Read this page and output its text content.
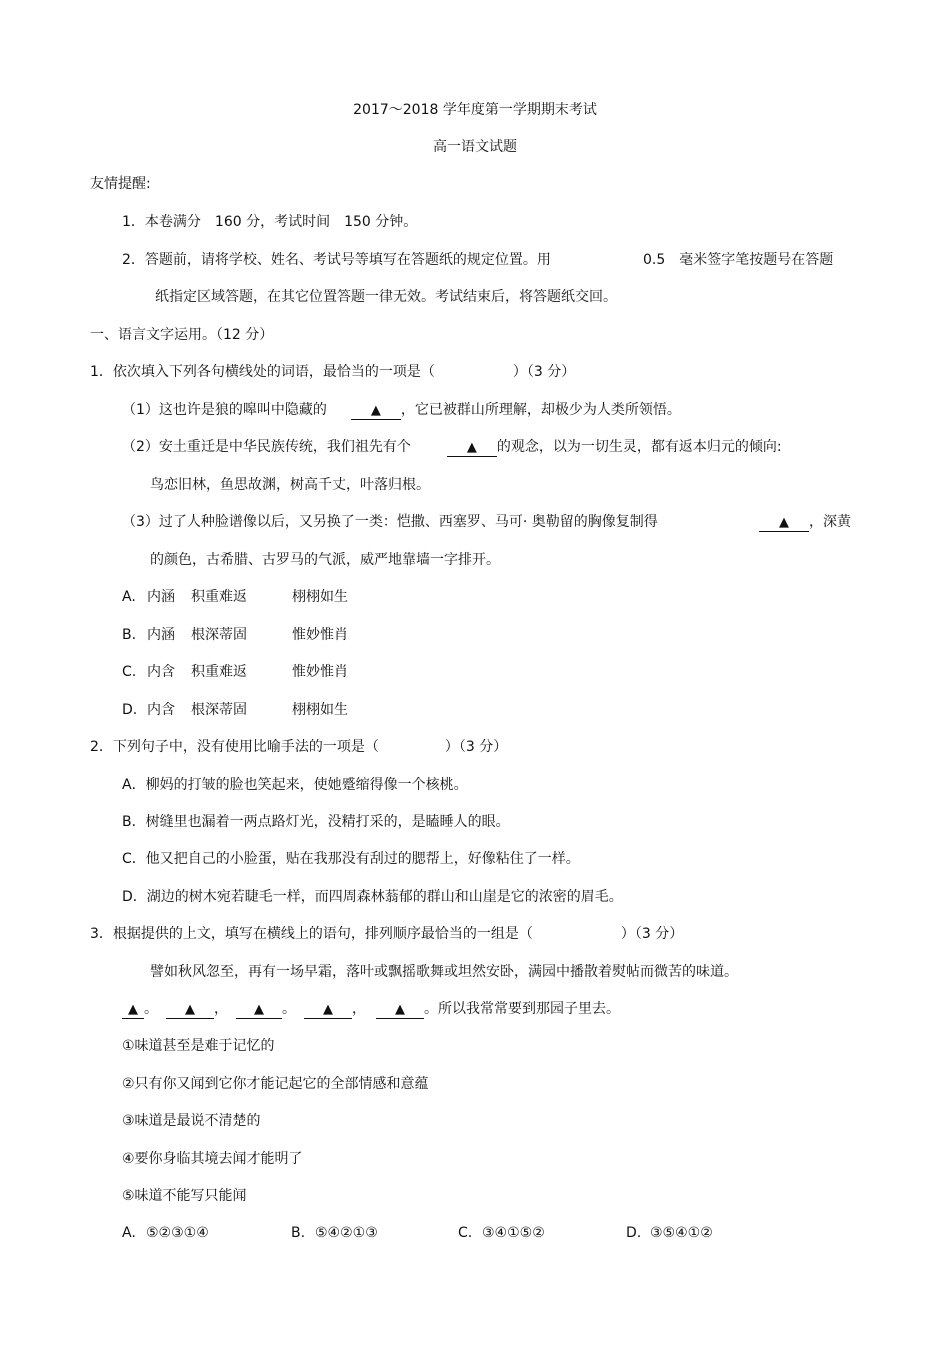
2017～2018 学年度第一学期期末考试
高一语文试题
友情提醒:
1．本卷满分　160 分，考试时间　150 分钟。
2．答题前，请将学校、姓名、考试号等填写在答题纸的规定位置。用	0.5　毫米签字笔按题号在答题
纸指定区域答题，在其它位置答题一律无效。考试结束后，将答题纸交回。
一、语言文字运用。（12 分）
1．依次填入下列各句横线处的词语，最恰当的一项是（	）（3 分）
（1）这也许是狼的嗥叫中隐藏的	▲ ，它已被群山所理解，却极少为人类所领悟。
（2）安土重迁是中华民族传统，我们祖先有个	▲ 的观念，以为一切生灵，都有返本归元的倾向:
鸟恋旧林，鱼思故渊，树高千丈，叶落归根。
（3）过了人种脸谱像以后，又另换了一类：恺撒、西塞罗、马可· 奥勒留的胸像复制得	▲ ，深黄
的颜色，古希腊、古罗马的气派，威严地靠墙一字排开。
A. 内涵 积重难返	栩栩如生
B. 内涵 根深蒂固	惟妙惟肖
C. 内含 积重难返	惟妙惟肖
D. 内含 根深蒂固	栩栩如生
2．下列句子中，没有使用比喻手法的一项是（	）（3 分）
A．柳妈的打皱的脸也笑起来，使她蹙缩得像一个核桃。
B．树缝里也漏着一两点路灯光，没精打采的，是瞌睡人的眼。
C．他又把自己的小脸蛋，贴在我那没有刮过的腮帮上，好像粘住了一样。
D．湖边的树木宛若睫毛一样，而四周森林蓊郁的群山和山崖是它的浓密的眉毛。
3．根据提供的上文，填写在横线上的语句，排列顺序最恰当的一组是（	）（3 分）
譬如秋风忽至，再有一场早霜，落叶或飘摇歌舞或坦然安卧，满园中播散着熨帖而微苦的味道。
▲ 。 ▲ ， ▲ 。 ▲ ， ▲ 。所以我常常要到那园子里去。
①味道甚至是难于记忆的
②只有你又闻到它你才能记起它的全部情感和意蕴
③味道是最说不清楚的
④要你身临其境去闻才能明了
⑤味道不能写只能闻
A. ⑤②③①④	B. ⑤④②①③	C. ③④①⑤②	D. ③⑤④①②
